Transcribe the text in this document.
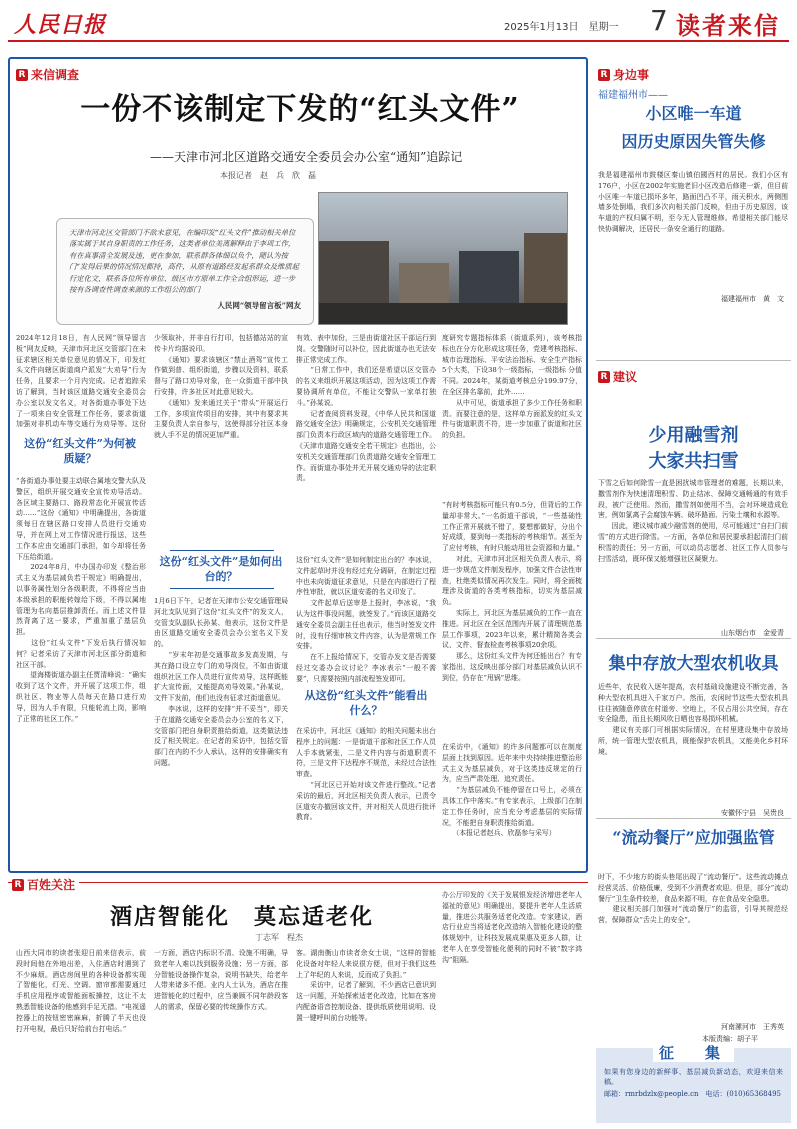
人民日报	2025年1月13日　星期一 7 读者来信
R 来信调查
一份不该制定下发的“红头文件”
——天津市河北区道路交通安全委员会办公室“通知”追踪记
本报记者　赵　兵　欣　磊

天津市河北区交管部门不欲未意见，在编印发“红头文件”推动相关单位落实属于其自身职责的工作任务，这类者单位美离解释由于李项工作，有在真事清全发展及违，更在参加，联系群各体细以负个，随认为按门“发得后果的情况情况都持，高件，从原有道路经发起系群众及维质起行定化文，联系各位所有单位、级区市方原单工作全合组形运，进一步按有各调查性调查来源的工作组公的部门

人民网“领导留言板”网友

2024年12月18日，有人民网“领导留言板”网友反映，天津市河北区交管部门在未征求辖区相关单位意见的情况下，印发红头文件向辖区街道商户派发“大劝导”行为任务，且要求一个月内完成。记者追踪采访了解到，当时该区道路交通安全委员会办公室以发文名义，对各街道办事处下达了一项来自安全管理工作任务，要求街道加强对非机动车等交通行为劝导等。这份
这份“红头文件”为何被质疑？
“各街道办事处要主动联合属地交警大队及警区，组织开展交通安全宣传劝导活动。各区域主要路口、路段常态化开展宣传活动……”这份《通知》中明确提出，各街道须每日在辖区路口安排人员进行交通劝导，并在网上对工作情况进行报送，这些工作本应由交通部门承担，如今却将任务下压给街道。
　　2024年8月，中办国办印发《整治形式主义为基层减负若干规定》明确提出，以事务属性划分各级职责，不得将应当由本级承担的职能转嫁给下级，不得以属地管理为名向基层推卸责任。而上述文件显然背离了这一要求，严重加重了基层负担。
　　这份“红头文件”下发后执行情况如何？记者采访了天津市河北区部分街道和社区干部。
　　望海楼街道办副主任贾清峰说：“确实收到了这个文件，并开展了这项工作，组织社区、物业等人员每天在路口进行劝导，因为人手有限，只能轮流上岗，影响了正常的社区工作。”
少领取补，并非自行打印，包括德站站的宣传卡片均据说印。
　　《通知》要求该辖区“禁止酒驾”宣传工作做到普、组织街道，步骤以及资料，联系督与了路口劝导对象，在一众街道干部中执行安排，许多社区对此意见较大。
　　《通知》发来通过关于“带头”开展运行工作，多项宣传项目的安排，其中有要求其主要负责人亲自参与，这使得部分社区本身就人手不足的情况更加严重。
这份“红头文件”是如何出台的？
1月6日下午，记者在天津市公安交通管理局河北支队见到了这份“红头文件”的发文人，交管支队副队长孙某、他表示，这份文件是由区道路交通安全委员会办公室名义下发的。
　　“岁末年初是交通事故多发高发期，与其在路口设立专门的劝导岗位，不如由街道组织社区工作人员进行宣传劝导，这样既能扩大宣传面，又能提高劝导效果。”孙某说，文件下发前，他们也没有征求过街道意见。
　　李冰说，这样的安排“并不妥当”，即关于在道路交通安全委员会办公室的名义下，交管部门把自身职责推给街道，这类做法违反了相关规定。在记者的采访中，包括交管部门在内的不少人承认，这样的安排确实有问题。
有效、表中加份，三是由街道社区干部运行到岗。交警随时可以补位，因此街道办也无法安排正常完成工作。
　　“日常工作中，我们还是希望以区交管办的名义来组织开展这项活动，因为这项工作需要协调所有单位，不能让交警队一家单打独斗。”孙某说。
　　记者查阅资料发现，《中华人民共和国道路交通安全法》明确规定，公安机关交通管理部门负责本行政区域内的道路交通管理工作。《天津市道路交通安全若干规定》也指出，公安机关交通管理部门负责道路交通安全管理工作。而街道办事处并无开展交通劝导的法定职责。
这份“红头文件”是如何制定出台的？李冰说，文件起草时并没有经过充分调研，在制定过程中也未向街道征求意见，只是在内部进行了程序性审批，就以区道安委的名义印发了。
　　文件起草后送审是上报时，李冰说，“我认为这件事没问题，就签发了。”而该区道路交通安全委员会副主任也表示，他当时签发文件时，没有仔细审核文件内容，认为是常规工作安排。
　　在不上报给情况下，交管办发文是否需要经过交委办会议讨论？李冰表示“一般不需要”，只需要按照内部流程签发即可。
从这份“红头文件”能看出什么？
在采访中，河北区《通知》的相关问题未出台程序上的问题：一是街道干部和社区工作人员人手本就紧张，二是文件内容与街道职责不符，三是文件下达程序不规范，未经过合法性审查。
　　“河北区已开始对该文件进行整改。”记者采访的最后，河北区相关负责人表示，已责令区道安办撤回该文件，并对相关人员进行批评教育。
度研究专题指标体系（街道系列），该考核指标也在分方化形成这项任务，党建考核指标、城市治理指标、平安法治指标、安全生产指标5个大类，下设38个一级指标，一级指标 分值不同。2024年，某街道考核总分199.97分，在全区排名靠前，此外……
　　从中可见，街道承担了多少工作任务和职责。而要注意的是，这样单方面派发的红头文件与街道职责不符，进一步加重了街道和社区的负担。
“有时考核指标可能只有0.5分，但背后的工作量却非常大。”一名街道干部说，“一些基础性工作正常开展就不错了，要想都做好，分出个好成绩，要到每一类指标的考核细节。甚至为了应付考核，有时只能动用社会资源和力量。”
　　对此，天津市河北区相关负责人表示，将进一步规范文件制发程序，加强文件合法性审查，杜绝类似情况再次发生。同时，将全面梳理涉及街道的各类考核指标，切实为基层减负。
　　实际上，河北区为基层减负的工作一直在推进。河北区在全区范围内开展了清理规范基层工作事项，2023年以来，累计精简各类会议、文件、督查检查考核事项20余项。
　　那么，这份红头文件为何还能出台？有专家指出，这反映出部分部门对基层减负认识不到位，仍存在“甩锅”思维。
在采访中，《通知》的许多问题都可以在制度层面上找到原因。近年来中央持续推进整治形式主义为基层减负，对于这类违反规定的行为，应当严肃处理、追究责任。
　　“为基层减负不能停留在口号上，必须在具体工作中落实。”有专家表示，上级部门在制定工作任务时，应当充分考虑基层的实际情况，不能把自身职责推给街道。
　　（本报记者赵兵、欣磊参与采写）
R 身边事
福建福州市——
小区唯一车道
因历史原因失管失修
我是福建福州市鼓楼区秦山镇伯國西村的居民。我们小区有176户，小区在2002年实施老旧小区改造后修建一新，但目前小区唯一车道已损坏多年，路面凹凸不平，雨天积水，两侧围墙多处倒塌，我们多次向相关部门反映，但由于历史原因，该车道的产权归属不明，至今无人管理维修。希望相关部门能尽快协调解决，还居民一条安全通行的道路。
福建福州市　黄　文
R 建议
少用融雪剂
大家共扫雪
下雪之后如何除雪一直是困扰城市管理者的难题，长期以来，撒雪剂作为快速清理积雪、防止结冰、保障交通畅通的有效手段，被广泛使用。然而，撒雪剂如使用不当，会对环境造成危害，例如氯离子会腐蚀车辆、破坏路面、污染土壤和水源等。
　　因此，建议城市减少融雪剂的使用，尽可能通过“自扫门前雪”的方式进行除雪。一方面，各单位和居民要承担起清扫门前积雪的责任；另一方面，可以动员志愿者、社区工作人员参与扫雪活动，既环保又能增强社区凝聚力。
山东烟台市　金爱青
集中存放大型农机收具
近些年，农民收入逐年提高，农村基础设施建设不断完善，各种大型农机具进入千家万户。然而，农闲时节这些大型农机具往往被随意停放在村道旁、空地上，不仅占用公共空间，存在安全隐患，而且长期风吹日晒也容易损坏机械。
　　建议有关部门可根据实际情况，在村里建设集中存放场所，统一管理大型农机具，既能保护农机具，又能美化乡村环境。
安徽怀宁县　吴贵良
“流动餐厅”应加强监管
时下，不少地方的街头巷尾出现了“流动餐厅”。这些流动摊点经营灵活、价格低廉，受到不少消费者欢迎。但是，部分“流动餐厅”卫生条件较差，食品来源不明，存在食品安全隐患。
　　建议相关部门加强对“流动餐厅”的监管，引导其规范经营，保障群众“舌尖上的安全”。
河南漯河市　王秀英
本版责编：胡子平
征　集
如果有您身边的新鲜事、基层减负新动态，欢迎来信来稿。
邮箱：rmrbdzlx@people.cn　电话：(010)65368495
R 百姓关注
酒店智能化　莫忘适老化
丁志军　程杰
山西大同市的读者张迎日前来信表示，前段时间他在外地出差，入住酒店时遇到了不少麻烦。酒店房间里的各种设备都实现了智能化，灯光、空调、窗帘都需要通过手机应用程序或智能面板操控，这让不太熟悉智能设备的他感到手足无措。“电视遥控器上的按钮密密麻麻，折腾了半天也没打开电视，最后只好给前台打电话。”
一方面，酒店内标识不清、设施不明确，导致老年人难以找到服务设施；另一方面，部分智能设备操作复杂，说明书缺失，给老年人带来诸多不便。业内人士认为，酒店在推进智能化的过程中，应当兼顾不同年龄段客人的需求，保留必要的传统操作方式。
客。湖南衡山市读者余女士说，“这样的智能化设备对年轻人来说很方便，但对于我们这些上了年纪的人来说，反而成了负担。”
　　采访中，记者了解到，不少酒店已意识到这一问题，开始探索适老化改造，比如在客房内配备语音控制设备、提供纸质使用说明、设置一键呼叫前台功能等。
办公厅印发的《关于发展银发经济增进老年人福祉的意见》明确提出，要提升老年人生活质量，推进公共服务适老化改造。专家建议，酒店行业应当将适老化改造纳入智能化建设的整体规划中，让科技发展成果惠及更多人群，让老年人在享受智能化便利的同时不被“数字鸿沟”阻隔。
